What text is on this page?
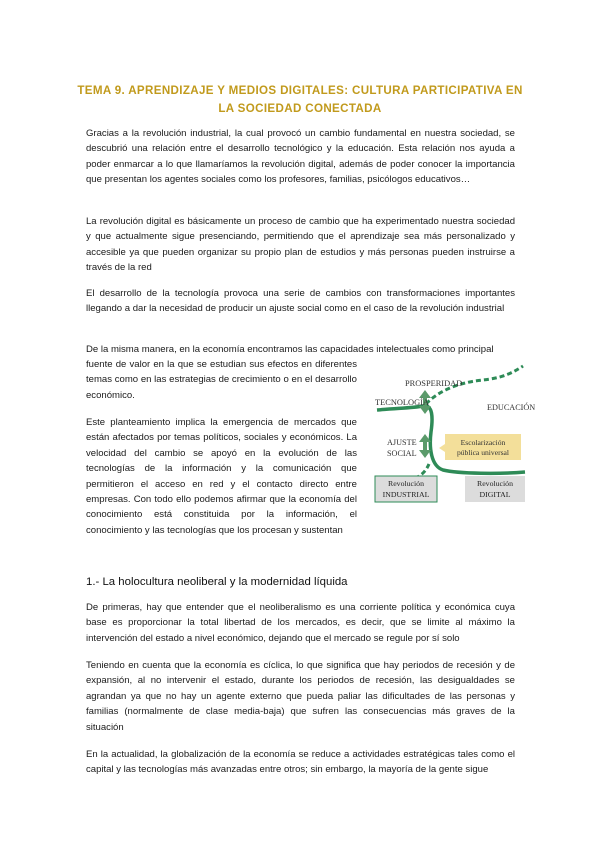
TEMA 9. APRENDIZAJE Y MEDIOS DIGITALES: CULTURA PARTICIPATIVA EN LA SOCIEDAD CONECTADA

Gracias a la revolución industrial, la cual provocó un cambio fundamental en nuestra sociedad, se descubrió una relación entre el desarrollo tecnológico y la educación. Esta relación nos ayuda a poder enmarcar a lo que llamaríamos la revolución digital, además de poder conocer la importancia que presentan los agentes sociales como los profesores, familias, psicólogos educativos…

La revolución digital es básicamente un proceso de cambio que ha experimentado nuestra sociedad y que actualmente sigue presenciando, permitiendo que el aprendizaje sea más personalizado y accesible ya que pueden organizar su propio plan de estudios y más personas pueden instruirse a través de la red

El desarrollo de la tecnología provoca una serie de cambios con transformaciones importantes llegando a dar la necesidad de producir un ajuste social como en el caso de la revolución industrial

De la misma manera, en la economía encontramos las capacidades intelectuales como principal

fuente de valor en la que se estudian sus efectos en diferentes temas como en las estrategias de crecimiento o en el desarrollo económico.

Este planteamiento implica la emergencia de mercados que están afectados por temas políticos, sociales y económicos. La velocidad del cambio se apoyó en la evolución de las tecnologías de la información y la comunicación que permitieron el acceso en red y el contacto directo entre empresas. Con todo ello podemos afirmar que la economía del conocimiento está constituida por la información, el conocimiento y las tecnologías que los procesan y sustentan

PROSPERIDAD
TECNOLOGÍA
EDUCACIÓN
AJUSTE
SOCIAL
Escolarización
pública universal
Revolución
INDUSTRIAL
Revolución
DIGITAL
1.- La holocultura neoliberal y la modernidad líquida

De primeras, hay que entender que el neoliberalismo es una corriente política y económica cuya base es proporcionar la total libertad de los mercados, es decir, que se limite al máximo la intervención del estado a nivel económico, dejando que el mercado se regule por sí solo

Teniendo en cuenta que la economía es cíclica, lo que significa que hay periodos de recesión y de expansión, al no intervenir el estado, durante los periodos de recesión, las desigualdades se agrandan ya que no hay un agente externo que pueda paliar las dificultades de las personas y familias (normalmente de clase media-baja) que sufren las consecuencias más graves de la situación

En la actualidad, la globalización de la economía se reduce a actividades estratégicas tales como el capital y las tecnologías más avanzadas entre otros; sin embargo, la mayoría de la gente sigue
